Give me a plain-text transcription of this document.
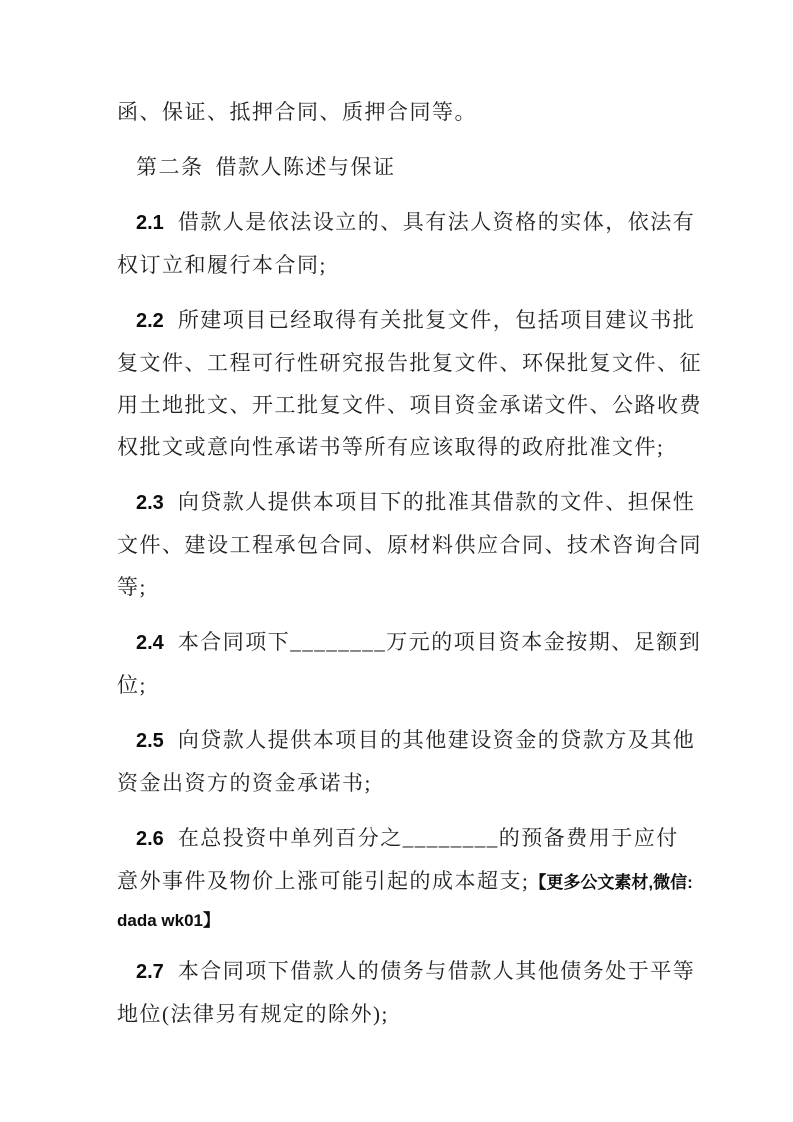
函、保证、抵押合同、质押合同等。

第二条 借款人陈述与保证

2.1 借款人是依法设立的、具有法人资格的实体，依法有
权订立和履行本合同;

2.2 所建项目已经取得有关批复文件，包括项目建议书批
复文件、工程可行性研究报告批复文件、环保批复文件、征
用土地批文、开工批复文件、项目资金承诺文件、公路收费
权批文或意向性承诺书等所有应该取得的政府批准文件;

2.3 向贷款人提供本项目下的批准其借款的文件、担保性
文件、建设工程承包合同、原材料供应合同、技术咨询合同
等;

2.4 本合同项下________万元的项目资本金按期、足额到
位;

2.5 向贷款人提供本项目的其他建设资金的贷款方及其他
资金出资方的资金承诺书;

2.6 在总投资中单列百分之________的预备费用于应付
意外事件及物价上涨可能引起的成本超支;【更多公文素材,微信:
dada wk01】

2.7 本合同项下借款人的债务与借款人其他债务处于平等
地位(法律另有规定的除外);
